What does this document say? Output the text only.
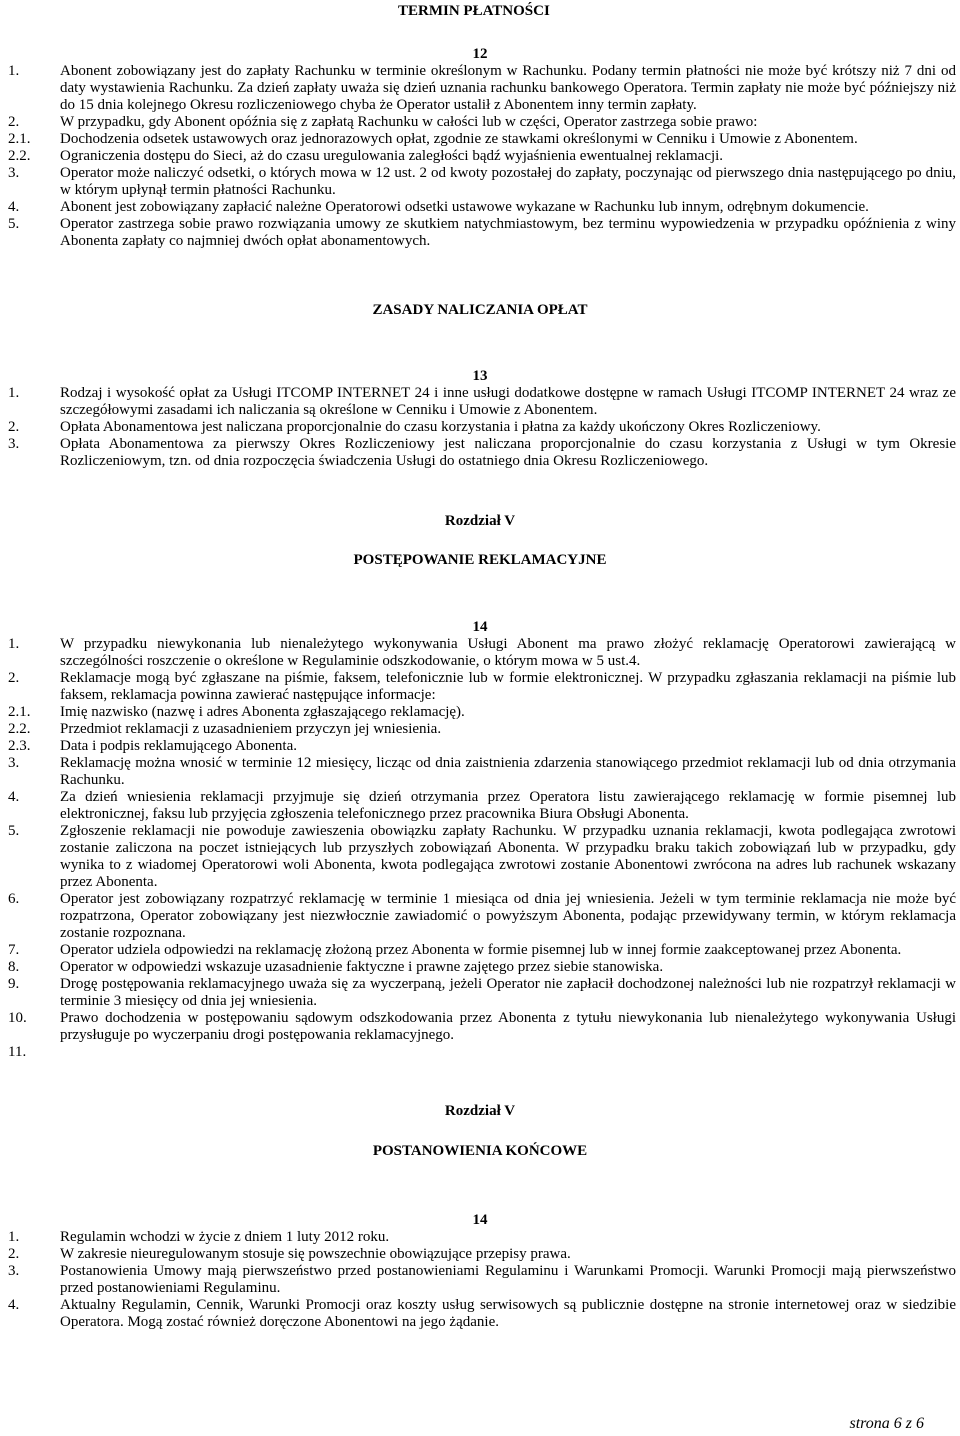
TERMIN PŁATNOŚCI
12
1.	Abonent zobowiązany jest do zapłaty Rachunku w terminie określonym w Rachunku. Podany termin płatności nie może być krótszy niż 7 dni od daty wystawienia Rachunku. Za dzień zapłaty uważa się dzień uznania rachunku bankowego Operatora. Termin zapłaty nie może być późniejszy niż do 15 dnia kolejnego Okresu rozliczeniowego chyba że Operator ustalił z Abonentem inny termin zapłaty.
2.	W przypadku, gdy Abonent opóźnia się z zapłatą Rachunku w całości lub w części, Operator zastrzega sobie prawo:
2.1.	Dochodzenia odsetek ustawowych oraz jednorazowych opłat, zgodnie ze stawkami określonymi w Cenniku i Umowie z Abonentem.
2.2.	Ograniczenia dostępu do Sieci, aż do czasu uregulowania zaległości bądź wyjaśnienia ewentualnej reklamacji.
3.	Operator może naliczyć odsetki, o których mowa w 12 ust. 2 od kwoty pozostałej do zapłaty, poczynając od pierwszego dnia następującego po dniu, w którym upłynął termin płatności Rachunku.
4.	Abonent jest zobowiązany zapłacić należne Operatorowi odsetki ustawowe wykazane w Rachunku lub innym, odrębnym dokumencie.
5.	Operator zastrzega sobie prawo rozwiązania umowy ze skutkiem natychmiastowym, bez terminu wypowiedzenia w przypadku opóźnienia z winy Abonenta zapłaty co najmniej dwóch opłat abonamentowych.
ZASADY NALICZANIA OPŁAT
13
1.	Rodzaj i wysokość opłat za Usługi ITCOMP INTERNET 24 i inne usługi dodatkowe dostępne w ramach Usługi ITCOMP INTERNET 24 wraz ze szczegółowymi zasadami ich naliczania są określone w Cenniku i Umowie z Abonentem.
2.	Opłata Abonamentowa jest naliczana proporcjonalnie do czasu korzystania i płatna za każdy ukończony Okres Rozliczeniowy.
3.	Opłata Abonamentowa za pierwszy Okres Rozliczeniowy jest naliczana proporcjonalnie do czasu korzystania z Usługi w tym Okresie Rozliczeniowym, tzn. od dnia rozpoczęcia świadczenia Usługi do ostatniego dnia Okresu Rozliczeniowego.
Rozdział V
POSTĘPOWANIE REKLAMACYJNE
14
1.	W przypadku niewykonania lub nienależytego wykonywania Usługi Abonent ma prawo złożyć reklamację Operatorowi zawierającą w szczególności roszczenie o określone w Regulaminie odszkodowanie, o którym mowa w 5 ust.4.
2.	Reklamacje mogą być zgłaszane na piśmie, faksem, telefonicznie lub w formie elektronicznej. W przypadku zgłaszania reklamacji na piśmie lub faksem, reklamacja powinna zawierać następujące informacje:
2.1.	Imię nazwisko (nazwę i adres Abonenta zgłaszającego reklamację).
2.2.	Przedmiot reklamacji z uzasadnieniem przyczyn jej wniesienia.
2.3.	Data i podpis reklamującego Abonenta.
3.	Reklamację można wnosić w terminie 12 miesięcy, licząc od dnia zaistnienia zdarzenia stanowiącego przedmiot reklamacji lub od dnia otrzymania Rachunku.
4.	Za dzień wniesienia reklamacji przyjmuje się dzień otrzymania przez Operatora listu zawierającego reklamację w formie pisemnej lub elektronicznej, faksu lub przyjęcia zgłoszenia telefonicznego przez pracownika Biura Obsługi Abonenta.
5.	Zgłoszenie reklamacji nie powoduje zawieszenia obowiązku zapłaty Rachunku. W przypadku uznania reklamacji, kwota podlegająca zwrotowi zostanie zaliczona na poczet istniejących lub przyszłych zobowiązań Abonenta. W przypadku braku takich zobowiązań lub w przypadku, gdy wynika to z wiadomej Operatorowi woli Abonenta, kwota podlegająca zwrotowi zostanie Abonentowi zwrócona na adres lub rachunek wskazany przez Abonenta.
6.	Operator jest zobowiązany rozpatrzyć reklamację w terminie 1 miesiąca od dnia jej wniesienia. Jeżeli w tym terminie reklamacja nie może być rozpatrzona, Operator zobowiązany jest niezwłocznie zawiadomić o powyższym Abonenta, podając przewidywany termin, w którym reklamacja zostanie rozpoznana.
7.	Operator udziela odpowiedzi na reklamację złożoną przez Abonenta w formie pisemnej lub w innej formie zaakceptowanej przez Abonenta.
8.	Operator w odpowiedzi wskazuje uzasadnienie faktyczne i prawne zajętego przez siebie stanowiska.
9.	Drogę postępowania reklamacyjnego uważa się za wyczerpaną, jeżeli Operator nie zapłacił dochodzonej należności lub nie rozpatrzył reklamacji w terminie 3 miesięcy od dnia jej wniesienia.
10.	Prawo dochodzenia w postępowaniu sądowym odszkodowania przez Abonenta z tytułu niewykonania lub nienależytego wykonywania Usługi przysługuje po wyczerpaniu drogi postępowania reklamacyjnego.
11.
Rozdział V
POSTANOWIENIA KOŃCOWE
14
1.	Regulamin wchodzi w życie z dniem 1 luty 2012 roku.
2.	W zakresie nieuregulowanym stosuje się powszechnie obowiązujące przepisy prawa.
3.	Postanowienia Umowy mają pierwszeństwo przed postanowieniami Regulaminu i Warunkami Promocji. Warunki Promocji mają pierwszeństwo przed postanowieniami Regulaminu.
4.	Aktualny Regulamin, Cennik, Warunki Promocji oraz koszty usług serwisowych są publicznie dostępne na stronie internetowej oraz w siedzibie Operatora. Mogą zostać również doręczone Abonentowi na jego żądanie.
strona 6 z 6
